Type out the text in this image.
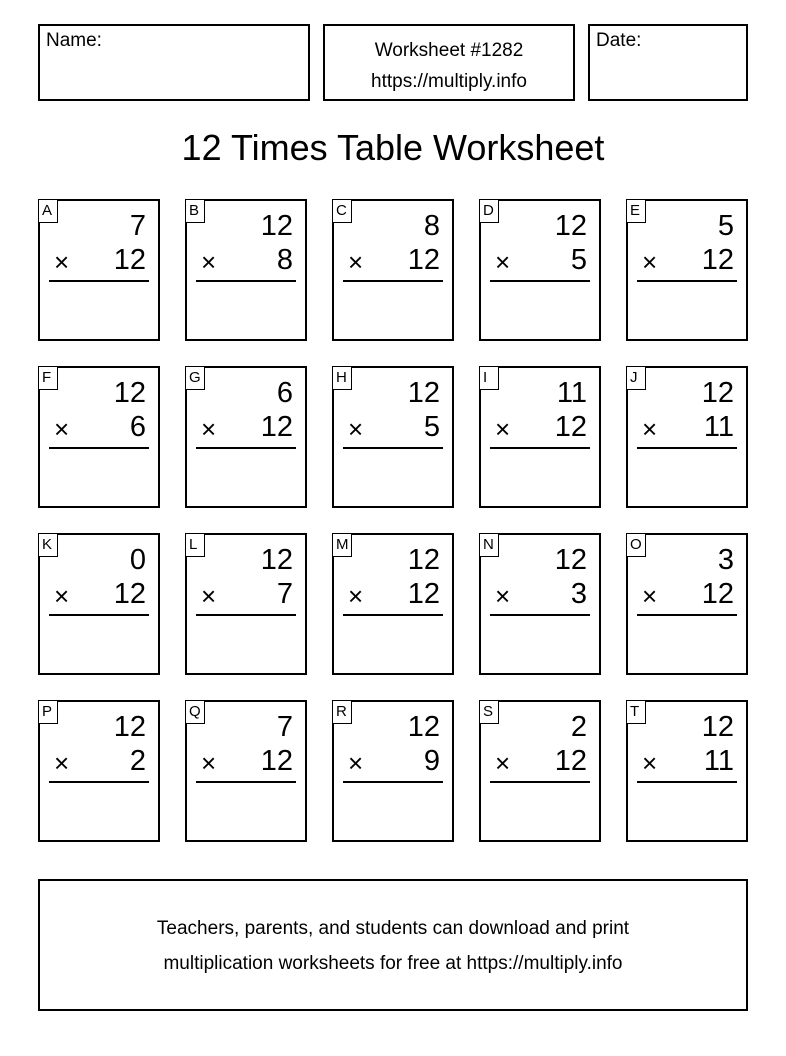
Name:	Worksheet #1282
https://multiply.info
Date:
12 Times Table Worksheet
A	7
× 12
B 12
× 8
C	8
× 12
D 12
× 5
E	5
× 12
F 12
× 6
G	6
× 12
H 12
× 5
I	11
× 12
J 12
× 11
K	0
× 12
L 12
× 7
M 12
× 12
N 12
× 3
O	3
× 12
P 12
× 2
Q	7
× 12
R 12
× 9
S	2
× 12
T 12
× 11
Teachers, parents, and students can download and print
multiplication worksheets for free at https://multiply.info
